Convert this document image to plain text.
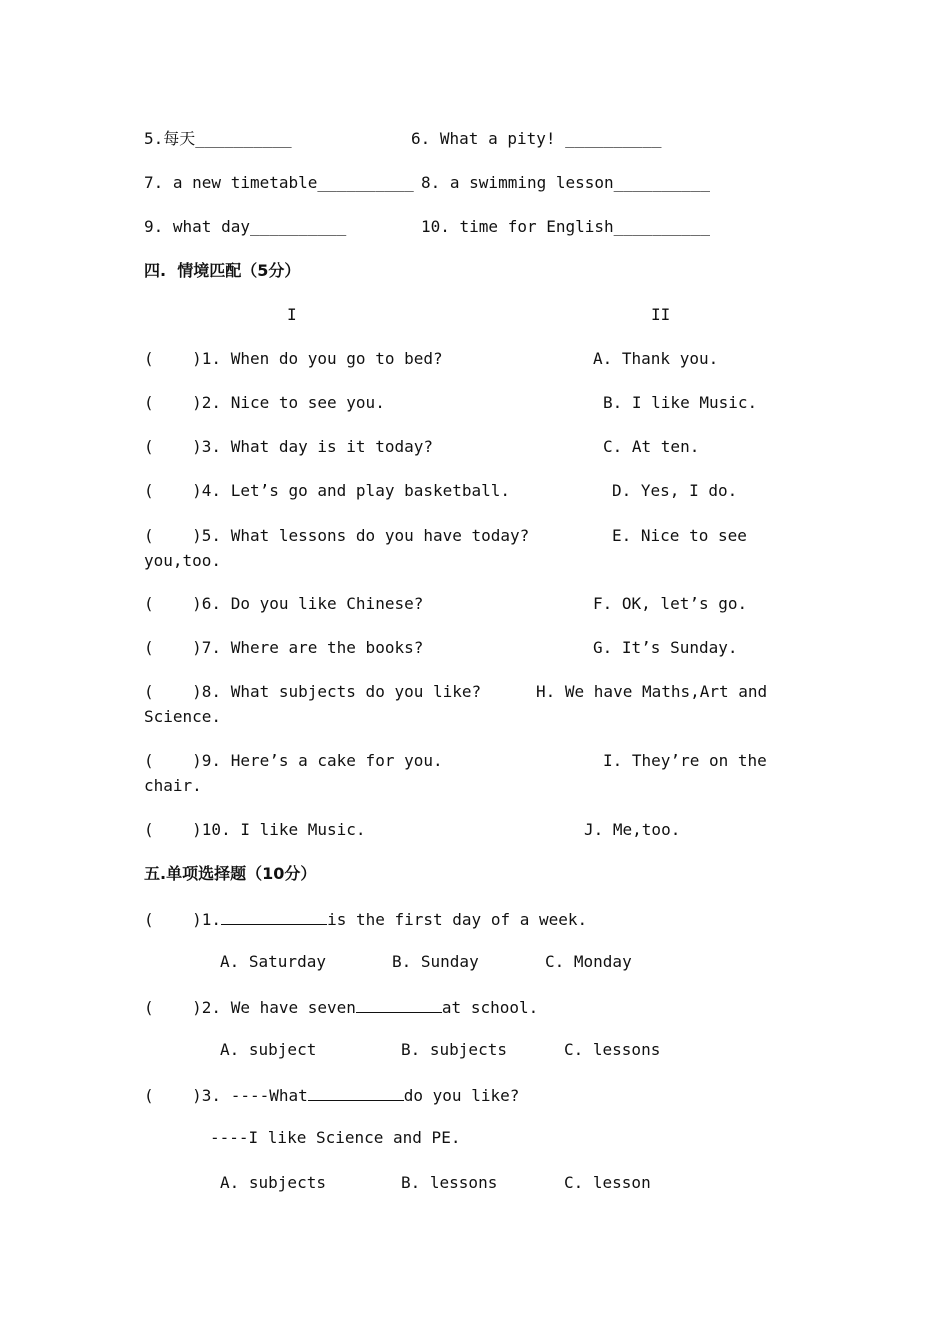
5.每天__________	6. What a pity! __________
7. a new timetable__________ 8. a swimming lesson__________
9. what day__________	10. time for English__________
四.  情境匹配（5分）
I	II
(    )1. When do you go to bed?	A. Thank you.
(    )2. Nice to see you.	B. I like Music.
(    )3. What day is it today?	C. At ten.
(    )4. Let’s go and play basketball.	D. Yes, I do.
(    )5. What lessons do you have today?	E. Nice to see
you,too.
(    )6. Do you like Chinese?	F. OK, let’s go.
(    )7. Where are the books?	G. It’s Sunday.
(    )8. What subjects do you like?	H. We have Maths,Art and
Science.
(    )9. Here’s a cake for you.	I. They’re on the
chair.
(    )10. I like Music.	J. Me,too.
五.单项选择题（10分）
(    )1.	is the first day of a week.
A. Saturday	B. Sunday	C. Monday
(    )2. We have seven	at school.
A. subject	B. subjects	C. lessons
(    )3. ----What	do you like?
----I like Science and PE.
A. subjects	B. lessons	C. lesson
